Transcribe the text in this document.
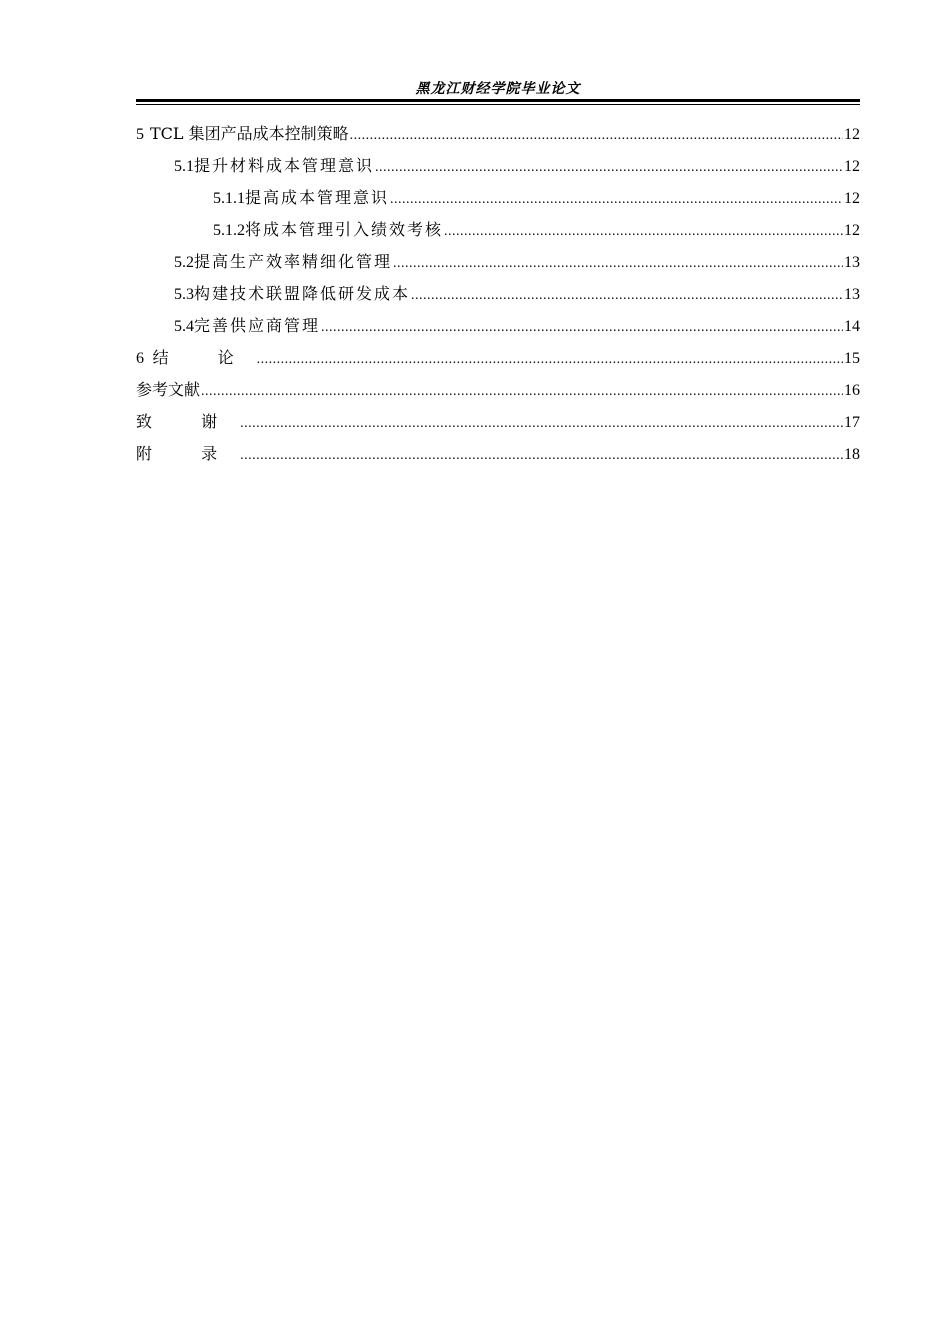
黑龙江财经学院毕业论文
5 TCL 集团产品成本控制策略 .....	12
5.1 提升材料成本管理意识 .....	12
5.1.1 提高成本管理意识 .....	12
5.1.2 将成本管理引入绩效考核 .....	12
5.2 提高生产效率精细化管理 .....	13
5.3 构建技术联盟降低研发成本 .....	13
5.4 完善供应商管理 .....	14
6 结 论 .....	15
参考文献 .....	16
致 谢 .....	17
附 录 .....	18
